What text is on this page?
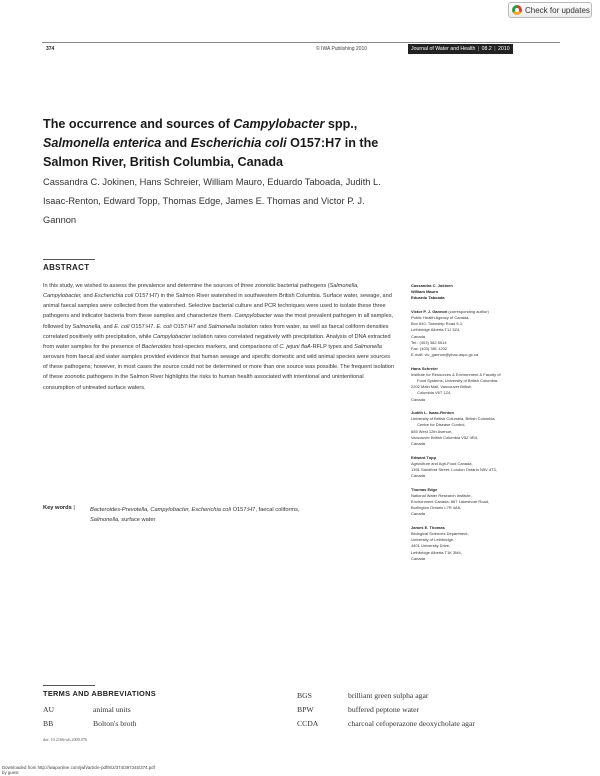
Check for updates
374	© IWA Publishing 2010	Journal of Water and Health | 08.2 | 2010
The occurrence and sources of Campylobacter spp.,
Salmonella enterica and Escherichia coli O157:H7 in the
Salmon River, British Columbia, Canada
Cassandra C. Jokinen, Hans Schreier, William Mauro, Eduardo Taboada, Judith L. Isaac-Renton, Edward Topp, Thomas Edge, James E. Thomas and Victor P. J. Gannon
ABSTRACT
In this study, we wished to assess the prevalence and determine the sources of three zoonotic bacterial pathogens (Salmonella, Campylobacter, and Escherichia coli O157:H7) in the Salmon River watershed in southwestern British Columbia. Surface water, sewage, and animal faecal samples were collected from the watershed. Selective bacterial culture and PCR techniques were used to isolate these three pathogens and indicator bacteria from these samples and characterize them. Campylobacter was the most prevalent pathogen in all samples, followed by Salmonella, and E. coli O157:H7. E. coli O157:H7 and Salmonella isolation rates from water, as well as faecal coliform densities correlated positively with precipitation, while Campylobacter isolation rates correlated negatively with precipitation. Analysis of DNA extracted from water samples for the presence of Bacteroides host-species markers, and comparisons of C. jejuni flaA-RFLP types and Salmonella serovars from faecal and water samples provided evidence that human sewage and specific domestic and wild animal species were sources of these pathogens; however, in most cases the source could not be determined or more than one source was possible. The frequent isolation of these zoonotic pathogens in the Salmon River highlights the risks to human health associated with intentional and unintentional consumption of untreated surface waters.
Key words |	Bacteroides-Prevotella, Campylobacter, Escherichia coli O157:H7, faecal coliforms,
Salmonella, surface water
Cassandra C. Jokinen
William Mauro
Eduardo Taboada
Victor P. J. Gannon (corresponding author)
Public Health Agency of Canada,
Box 640, Township Road 9-1,
Lethbridge Alberta T1J 3Z4,
Canada
Tel.: (403) 382 5514
Fax: (403) 381 1202
E-mail: vic_gannon@phac-aspc.gc.ca
Hans Schreier
Institute for Resources & Environment & Faculty of
Food Systems, University of British Columbia,
2202 Main Mall, Vancouver British
Columbia V6T 1Z4,
Canada
Judith L. Isaac-Renton
University of British Columbia, British Columbia
Centre for Disease Control,
655 West 12th Avenue,
Vancouver British Columbia V5Z 4R4,
Canada
Edward Topp
Agriculture and Agri-Food Canada,
1391 Sandford Street, London Ontario N5V 4T3,
Canada
Thomas Edge
National Water Research Institute,
Environment Canada, 867 Lakeshore Road,
Burlington Ontario L7R 4A6,
Canada
James E. Thomas
Biological Sciences Department,
University of Lethbridge,
4401 University Drive,
Lethbridge Alberta T1K 3M4,
Canada
TERMS AND ABBREVIATIONS
AU	animal units
BB	Bolton's broth
BGS	brilliant green sulpha agar
BPW	buffered peptone water
CCDA	charcoal cefoperazone deoxycholate agar
doi: 10.2166/wh.2009.076
Downloaded from http://iwaponline.com/jwh/article-pdf/8/2/374/397345/374.pdf
by guest
